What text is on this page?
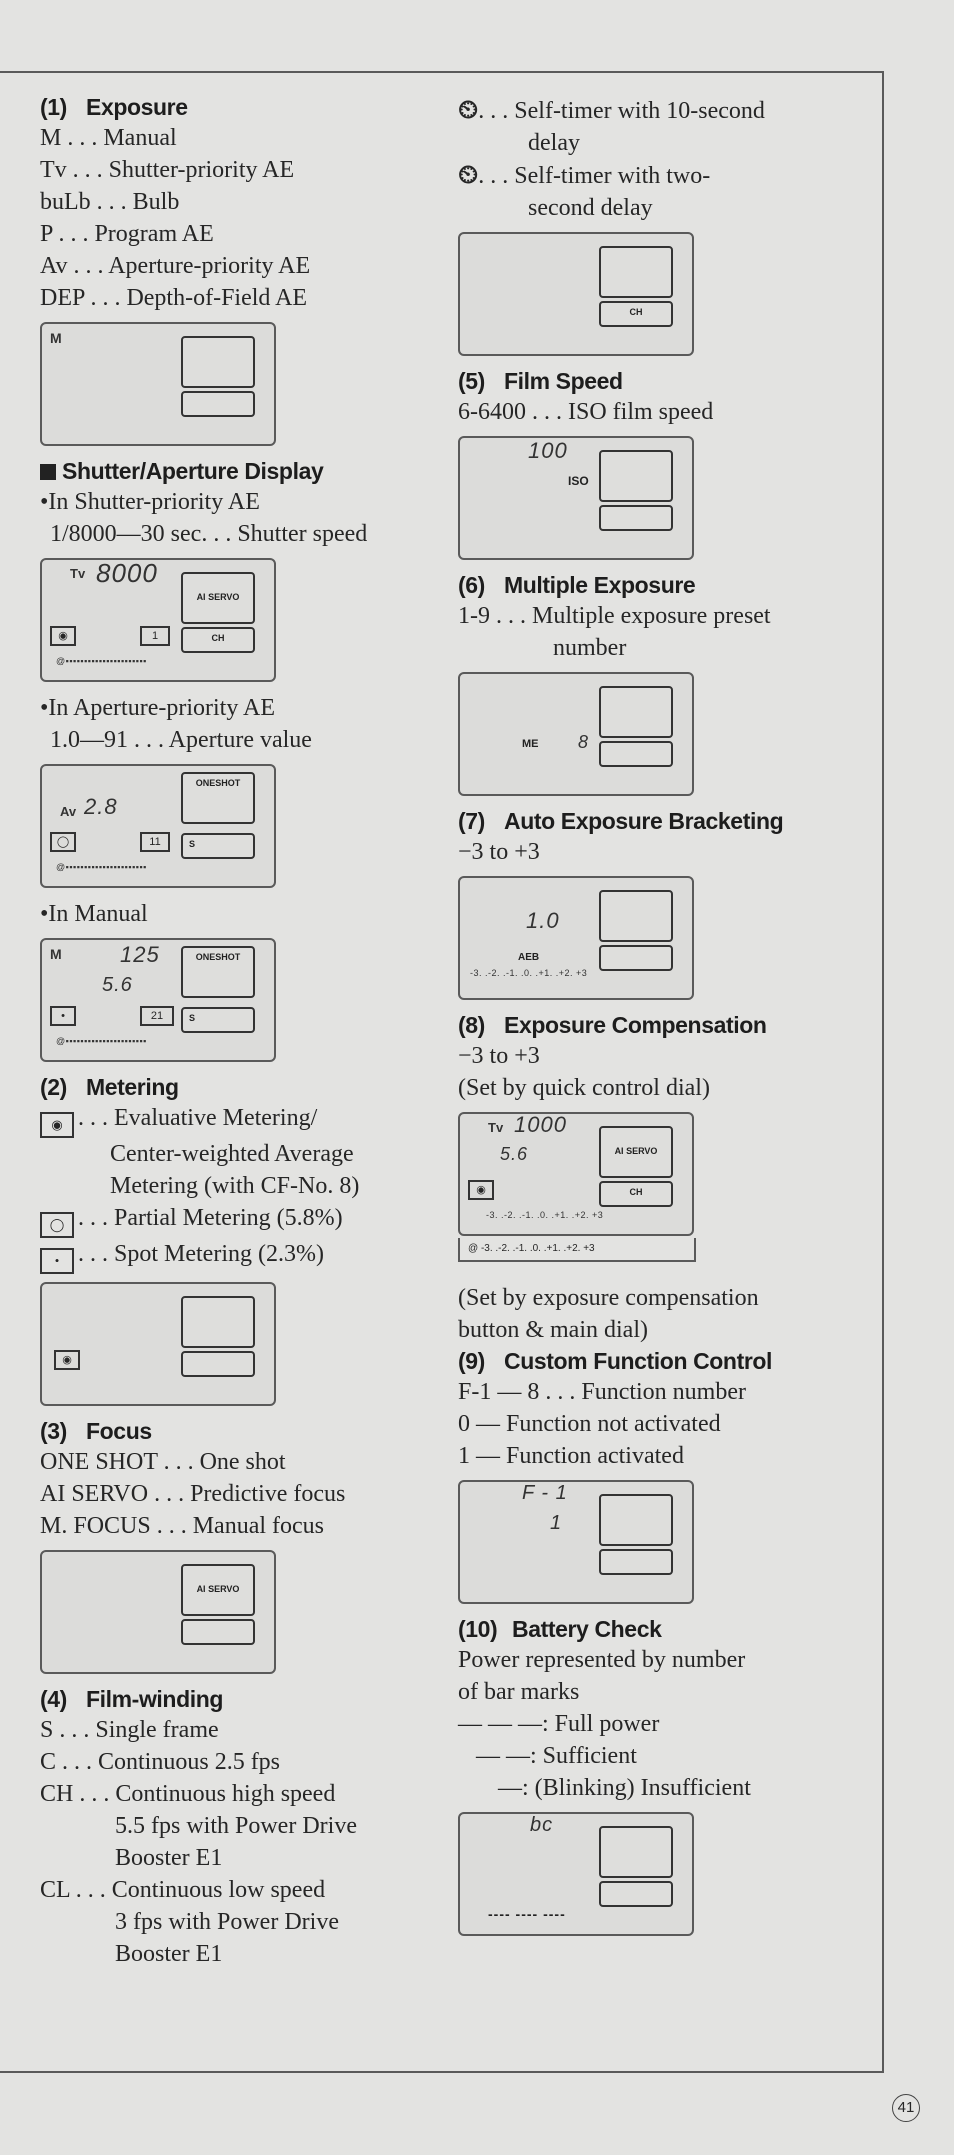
(1) Exposure
M . . . Manual
Tv . . . Shutter-priority AE
buLb . . . Bulb
P . . . Program AE
Av . . . Aperture-priority AE
DEP . . . Depth-of-Field AE
M
Shutter/Aperture Display
•In Shutter-priority AE
1/8000—30 sec. . . Shutter speed
Tv 8000
AI SERVO
CH
◉	1
@▪▪▪▪▪▪▪▪▪▪▪▪▪▪▪▪▪▪▪▪▪▪
•In Aperture-priority AE
1.0—91 . . . Aperture value
Av 2.8
ONESHOT
S
◯	11
@▪▪▪▪▪▪▪▪▪▪▪▪▪▪▪▪▪▪▪▪▪▪
•In Manual
M	125
5.6
ONESHOT
S
•	21
@▪▪▪▪▪▪▪▪▪▪▪▪▪▪▪▪▪▪▪▪▪▪
(2) Metering
◉ . . . Evaluative Metering/
Center-weighted Average
Metering (with CF-No. 8)
◯ . . . Partial Metering (5.8%)
• . . . Spot Metering (2.3%)
◉
(3) Focus
ONE SHOT . . . One shot
AI SERVO . . . Predictive focus
M. FOCUS . . . Manual focus
AI SERVO
(4) Film-winding
S . . . Single frame
C . . . Continuous 2.5 fps
CH . . . Continuous high speed
5.5 fps with Power Drive
Booster E1
CL . . . Continuous low speed
3 fps with Power Drive
Booster E1
⏲. . . Self-timer with 10-second
delay
⏲. . . Self-timer with two-
second delay
CH
(5) Film Speed
6-6400 . . . ISO film speed
100
ISO
(6) Multiple Exposure
1-9 . . . Multiple exposure preset
number
ME 8
(7) Auto Exposure Bracketing
−3 to +3
1.0
AEB
-3. .-2. .-1. .0. .+1. .+2. +3
(8) Exposure Compensation
−3 to +3
(Set by quick control dial)
Tv 1000
5.6	AI SERVO
CH
◉
-3. .-2. .-1. .0. .+1. .+2. +3
@ -3. .-2. .-1. .0. .+1. .+2. +3
(Set by exposure compensation
button & main dial)
(9) Custom Function Control
F-1 — 8 . . . Function number
0 — Function not activated
1 — Function activated
F - 1
1
(10) Battery Check
Power represented by number
of bar marks
— — —: Full power
— —: Sufficient
—: (Blinking) Insufficient
bc
---- ---- ----
41
